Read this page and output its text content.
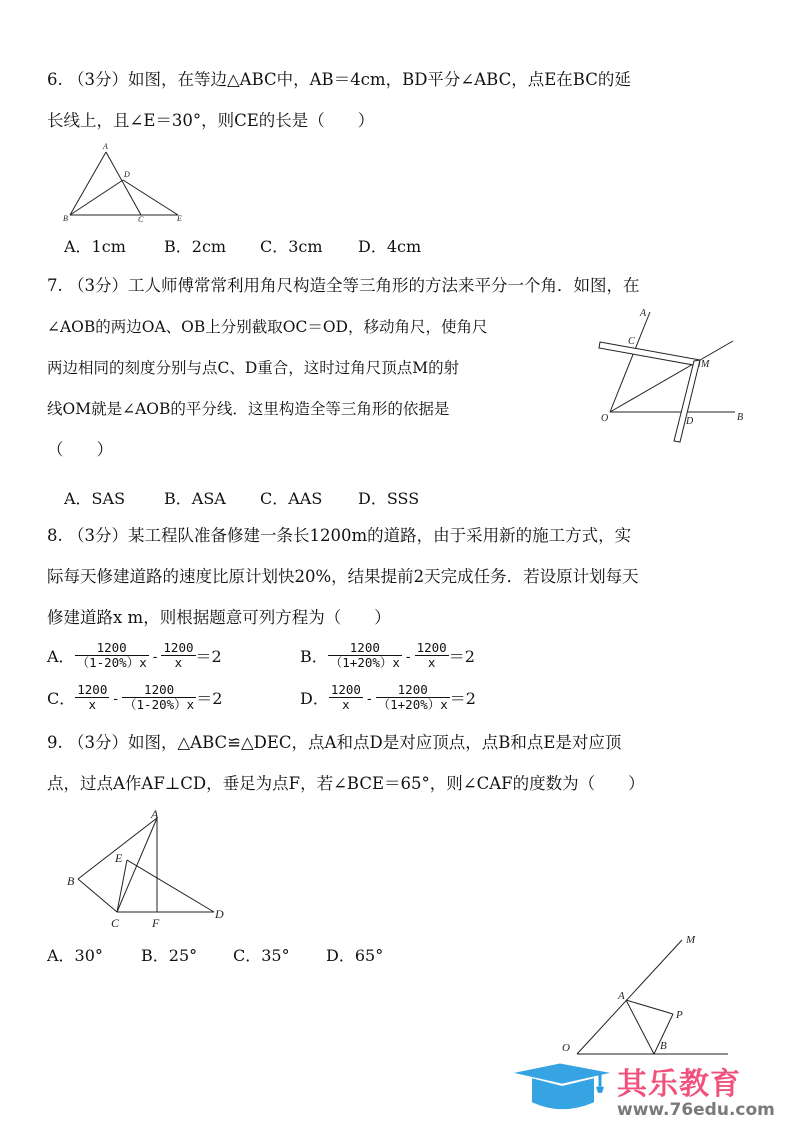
6. （3分）如图，在等边△ABC中，AB＝4cm，BD平分∠ABC，点E在BC的延
长线上，且∠E＝30°，则CE的长是（　　）
A
B	C
D
E
A．1cm B．2cm C．3cm D．4cm
7. （3分）工人师傅常常利用角尺构造全等三角形的方法来平分一个角．如图，在
∠AOB的两边OA、OB上分别截取OC＝OD，移动角尺，使角尺
两边相同的刻度分别与点C、D重合，这时过角尺顶点M的射
线OM就是∠AOB的平分线．这里构造全等三角形的依据是
（　　）
A
B
C
D
M
O
A．SAS B．ASA C．AAS D．SSS
8. （3分）某工程队准备修建一条长1200m的道路，由于采用新的施工方式，实
际每天修建道路的速度比原计划快20%，结果提前2天完成任务．若设原计划每天
修建道路x m，则根据题意可列方程为（　　）
A． $\frac{1200}{(1-20\%)x} - \frac{1200}{x} =2$	B． $\frac{1200}{(1+20\%)x} - \frac{1200}{x} =2$
C． $\frac{1200}{x} - \frac{1200}{(1-20\%)x} =2$	D． $\frac{1200}{x} - \frac{1200}{(1+20\%)x} =2$
9. （3分）如图，△ABC≌△DEC，点A和点D是对应顶点，点B和点E是对应顶
点，过点A作AF⊥CD，垂足为点F，若∠BCE＝65°，则∠CAF的度数为（　　）
A
B
C
D
E
F
A．30° B．25° C．35° D．65°
其乐教育
www.76edu.com
M
A
P
O	B
